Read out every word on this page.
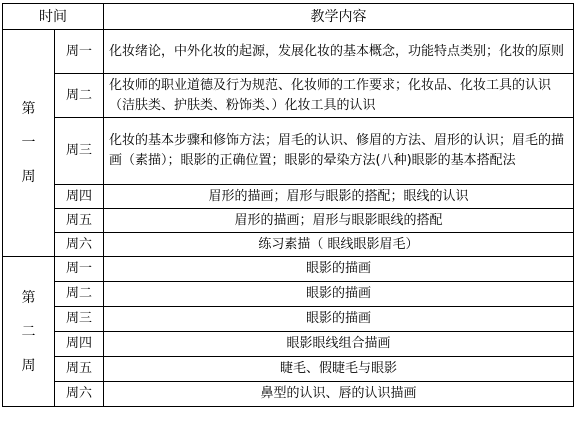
时间		教学内容
第一周	周一	化妆绪论，中外化妆的起源，发展化妆的基本概念，功能特点类别；化妆的原则
	周二	化妆师的职业道德及行为规范、化妆师的工作要求；化妆品、化妆工具的认识（洁肤类、护肤类、粉饰类、）化妆工具的认识
	周三	化妆的基本步骤和修饰方法；眉毛的认识、修眉的方法、眉形的认识；眉毛的描画（素描）；眼影的正确位置；眼影的晕染方法(八种)眼影的基本搭配法
	周四	眉形的描画；眉形与眼影的搭配；眼线的认识
	周五	眉形的描画；眉形与眼影眼线的搭配
	周六	练习素描（ 眼线眼影眉毛）
第二周	周一	眼影的描画
	周二	眼影的描画
	周三	眼影的描画
	周四	眼影眼线组合描画
	周五	睫毛、假睫毛与眼影
	周六	鼻型的认识、唇的认识描画
